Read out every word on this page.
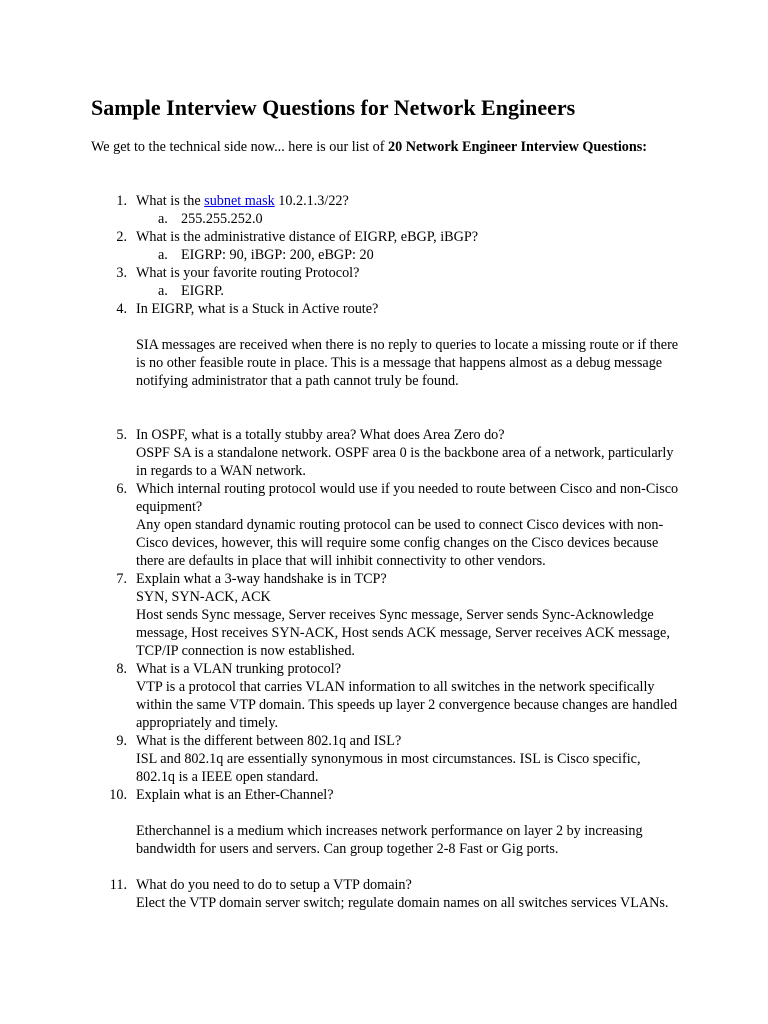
Sample Interview Questions for Network Engineers

We get to the technical side now... here is our list of 20 Network Engineer Interview Questions:

1. What is the subnet mask 10.2.1.3/22?
a. 255.255.252.0
2. What is the administrative distance of EIGRP, eBGP, iBGP?
a. EIGRP: 90, iBGP: 200, eBGP: 20
3. What is your favorite routing Protocol?
a. EIGRP.
4. In EIGRP, what is a Stuck in Active route?
SIA messages are received when there is no reply to queries to locate a missing route or if there is no other feasible route in place. This is a message that happens almost as a debug message notifying administrator that a path cannot truly be found.
5. In OSPF, what is a totally stubby area? What does Area Zero do?
OSPF SA is a standalone network. OSPF area 0 is the backbone area of a network, particularly in regards to a WAN network.
6. Which internal routing protocol would use if you needed to route between Cisco and non-Cisco equipment?
Any open standard dynamic routing protocol can be used to connect Cisco devices with non-Cisco devices, however, this will require some config changes on the Cisco devices because there are defaults in place that will inhibit connectivity to other vendors.
7. Explain what a 3-way handshake is in TCP?
SYN, SYN-ACK, ACK
Host sends Sync message, Server receives Sync message, Server sends Sync-Acknowledge message, Host receives SYN-ACK, Host sends ACK message, Server receives ACK message, TCP/IP connection is now established.
8. What is a VLAN trunking protocol?
VTP is a protocol that carries VLAN information to all switches in the network specifically within the same VTP domain. This speeds up layer 2 convergence because changes are handled appropriately and timely.
9. What is the different between 802.1q and ISL?
ISL and 802.1q are essentially synonymous in most circumstances. ISL is Cisco specific, 802.1q is a IEEE open standard.
10. Explain what is an Ether-Channel?
Etherchannel is a medium which increases network performance on layer 2 by increasing bandwidth for users and servers. Can group together 2-8 Fast or Gig ports.
11. What do you need to do to setup a VTP domain?
Elect the VTP domain server switch; regulate domain names on all switches services VLANs.
